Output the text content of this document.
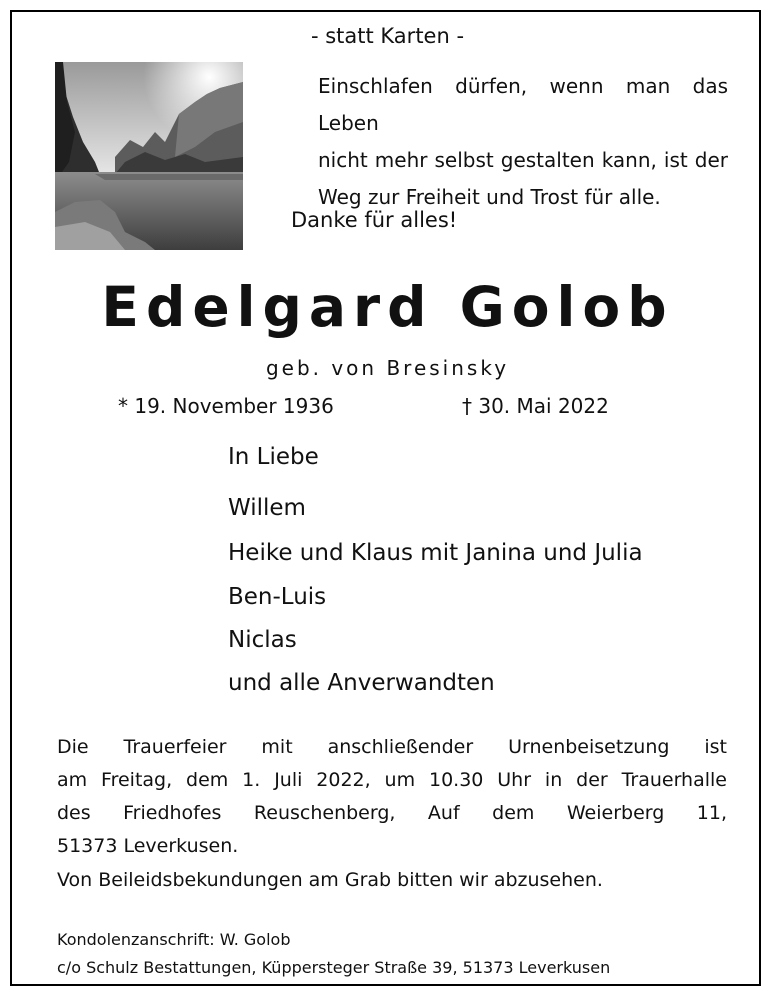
- statt Karten -
Einschlafen dürfen, wenn man das Leben
nicht mehr selbst gestalten kann, ist der
Weg zur Freiheit und Trost für alle.
Danke für alles!
Edelgard Golob
geb. von Bresinsky
* 19. November 1936	† 30. Mai 2022
In Liebe
Willem
Heike und Klaus mit Janina und Julia
Ben-Luis
Niclas
und alle Anverwandten
Die Trauerfeier mit anschließender Urnenbeisetzung ist
am Freitag, dem 1. Juli 2022, um 10.30 Uhr in der Trauerhalle
des Friedhofes Reuschenberg, Auf dem Weierberg 11,
51373 Leverkusen.
Von Beileidsbekundungen am Grab bitten wir abzusehen.
Kondolenzanschrift: W. Golob
c/o Schulz Bestattungen, Küppersteger Straße 39, 51373 Leverkusen
